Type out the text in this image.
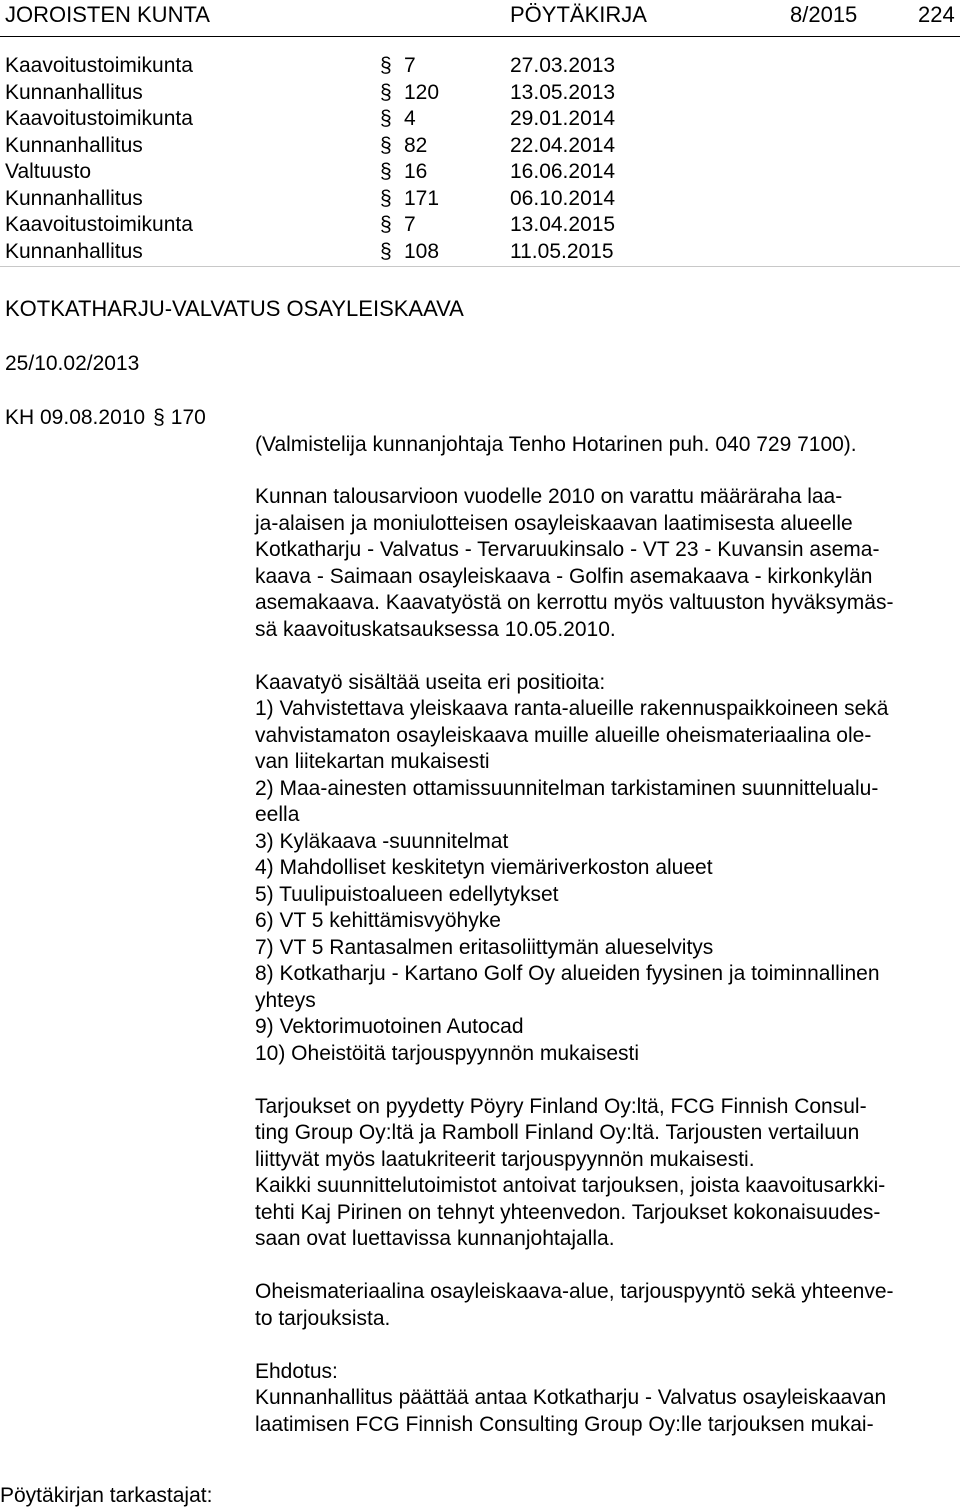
JOROISTEN KUNTA	PÖYTÄKIRJA	8/2015	224
Kaavoitustoimikunta	§ 7	27.03.2013
Kunnanhallitus	§ 120	13.05.2013
Kaavoitustoimikunta	§ 4	29.01.2014
Kunnanhallitus	§ 82	22.04.2014
Valtuusto	§ 16	16.06.2014
Kunnanhallitus	§ 171	06.10.2014
Kaavoitustoimikunta	§ 7	13.04.2015
Kunnanhallitus	§ 108	11.05.2015
KOTKATHARJU-VALVATUS OSAYLEISKAAVA
25/10.02/2013
KH 09.08.2010 § 170
(Valmistelija kunnanjohtaja Tenho Hotarinen puh. 040 729 7100).
Kunnan talousarvioon vuodelle 2010 on varattu määräraha laa-
ja-alaisen ja moniulotteisen osayleiskaavan laatimisesta alueelle
Kotkatharju - Valvatus - Tervaruukinsalo - VT 23 - Kuvansin asema-
kaava - Saimaan osayleiskaava - Golfin asemakaava - kirkonkylän
asemakaava. Kaavatyöstä on kerrottu myös valtuuston hyväksymäs-
sä kaavoituskatsauksessa 10.05.2010.
Kaavatyö sisältää useita eri positioita:
1) Vahvistettava yleiskaava ranta-alueille rakennuspaikkoineen sekä
vahvistamaton osayleiskaava muille alueille oheismateriaalina ole-
van liitekartan mukaisesti
2) Maa-ainesten ottamissuunnitelman tarkistaminen suunnittelualu-
eella
3) Kyläkaava -suunnitelmat
4) Mahdolliset keskitetyn viemäriverkoston alueet
5) Tuulipuistoalueen edellytykset
6) VT 5 kehittämisvyöhyke
7) VT 5 Rantasalmen eritasoliittymän alueselvitys
8) Kotkatharju - Kartano Golf Oy alueiden fyysinen ja toiminnallinen
yhteys
9) Vektorimuotoinen Autocad
10) Oheistöitä tarjouspyynnön mukaisesti
Tarjoukset on pyydetty Pöyry Finland Oy:ltä, FCG Finnish Consul-
ting Group Oy:ltä ja Ramboll Finland Oy:ltä. Tarjousten vertailuun
liittyvät myös laatukriteerit tarjouspyynnön mukaisesti.
Kaikki suunnittelutoimistot antoivat tarjouksen, joista kaavoitusarkki-
tehti Kaj Pirinen on tehnyt yhteenvedon. Tarjoukset kokonaisuudes-
saan ovat luettavissa kunnanjohtajalla.
Oheismateriaalina osayleiskaava-alue, tarjouspyyntö sekä yhteenve-
to tarjouksista.
Ehdotus:
Kunnanhallitus päättää antaa Kotkatharju - Valvatus osayleiskaavan
laatimisen FCG Finnish Consulting Group Oy:lle tarjouksen mukai-
Pöytäkirjan tarkastajat:
